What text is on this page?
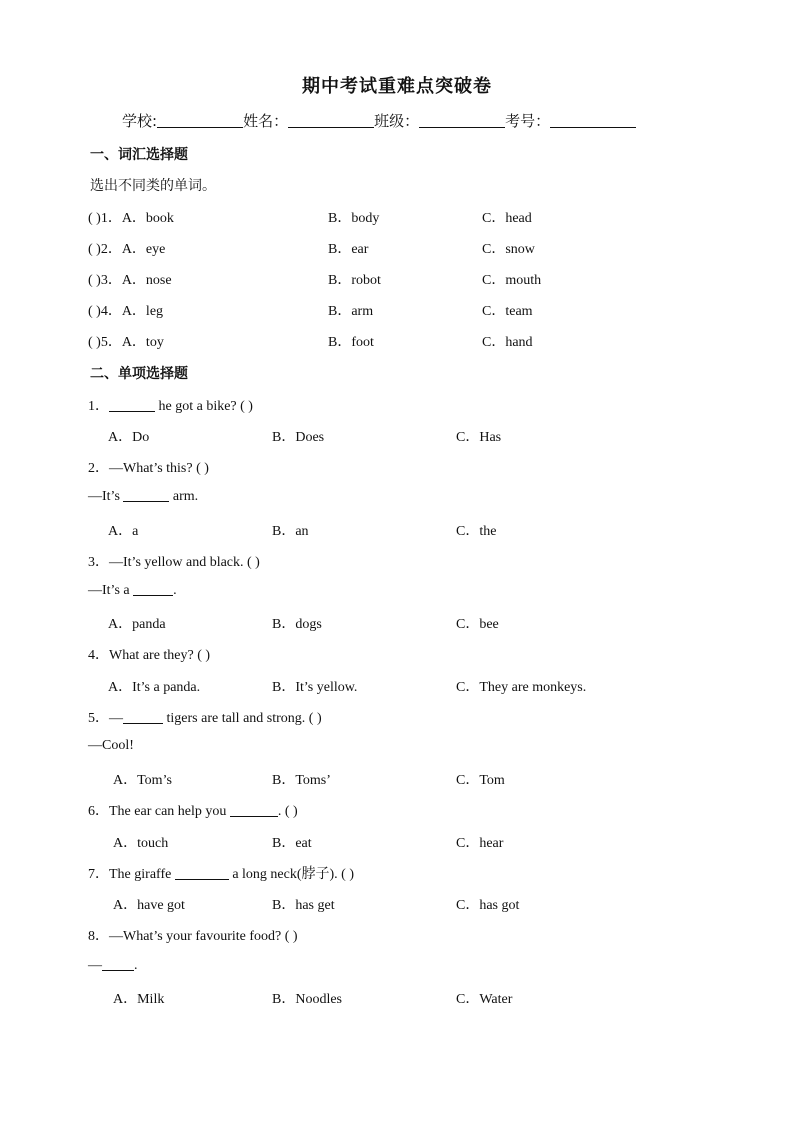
期中考试重难点突破卷
学校:	姓名：	班级：	考号：
一、词汇选择题
选出不同类的单词。
( )1．A．book	B．body	C．head
( )2．A．eye	B．ear	C．snow
( )3．A．nose	B．robot	C．mouth
( )4．A．leg	B．arm	C．team
( )5．A．toy	B．foot	C．hand
二、单项选择题
1．	he got a bike? ( )
A．Do	B．Does	C．Has
2．—What’s this? ( )
—It’s	arm.
A．a	B．an	C．the
3．—It’s yellow and black. ( )
—It’s a	.
A．panda	B．dogs	C．bee
4．What are they? ( )
A．It’s a panda.	B．It’s yellow.	C．They are monkeys.
5．—	tigers are tall and strong. ( )
—Cool!
A．Tom’s	B．Toms’	C．Tom
6．The ear can help you	. ( )
A．touch	B．eat	C．hear
7．The giraffe	a long neck(脖子). ( )
A．have got	B．has get	C．has got
8．—What’s your favourite food? ( )
— .
A．Milk	B．Noodles	C．Water
